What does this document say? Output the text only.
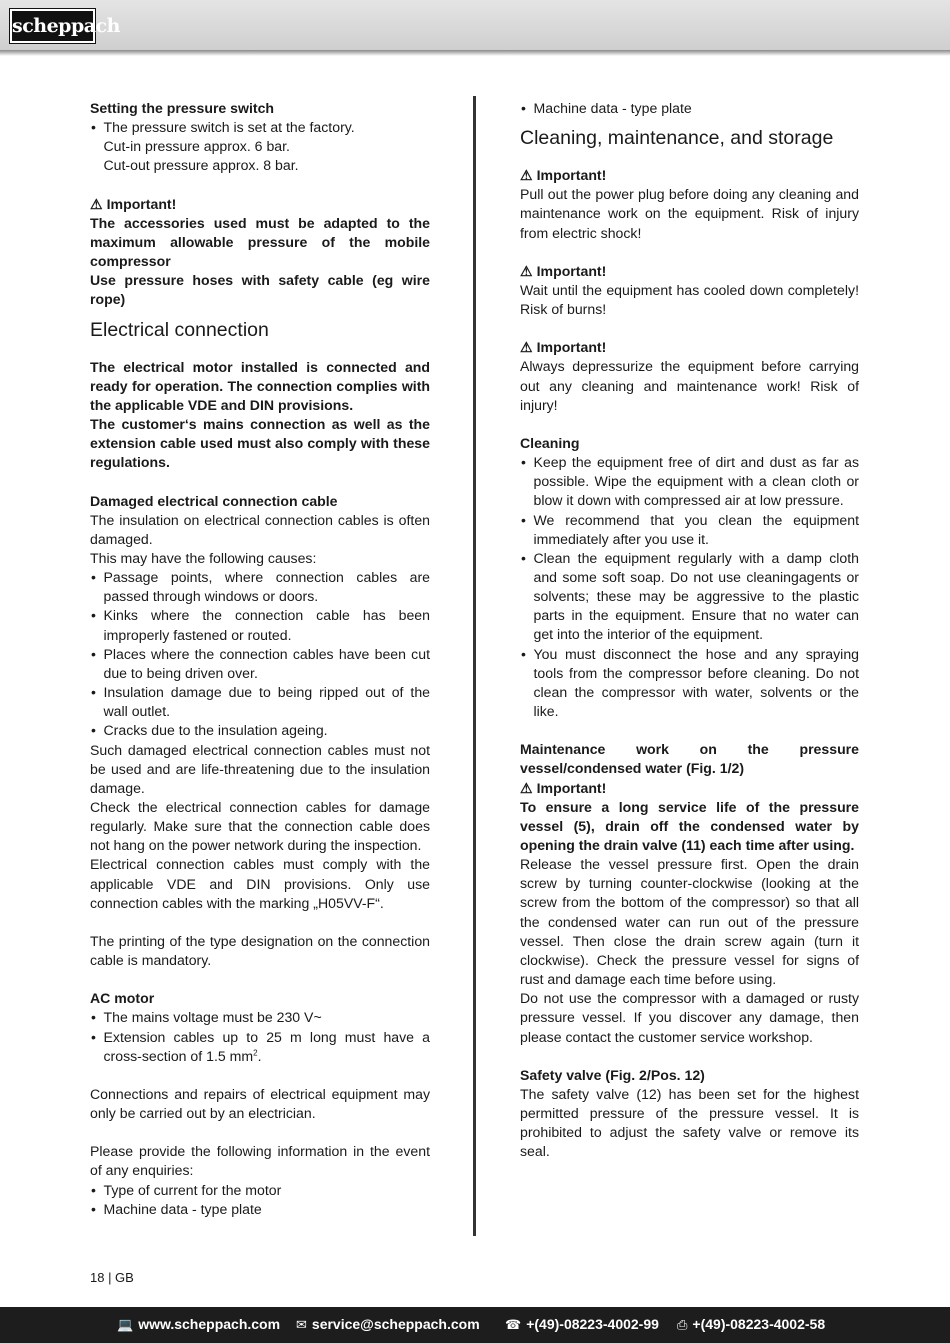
scheppach

Setting the pressure switch

• The pressure switch is set at the factory.

Cut-in pressure approx. 6 bar.

Cut-out pressure approx. 8 bar.

⚠ Important!

The accessories used must be adapted to the maximum allowable pressure of the mobile compressor

Use pressure hoses with safety cable (eg wire rope)

Electrical connection

The electrical motor installed is connected and ready for operation. The connection complies with the applicable VDE and DIN provisions.

The customer‘s mains connection as well as the extension cable used must also comply with these regulations.

Damaged electrical connection cable

The insulation on electrical connection cables is often damaged.

This may have the following causes:

• Passage points, where connection cables are passed through windows or doors.
• Kinks where the connection cable has been improperly fastened or routed.
• Places where the connection cables have been cut due to being driven over.
• Insulation damage due to being ripped out of the wall outlet.
• Cracks due to the insulation ageing.

Such damaged electrical connection cables must not be used and are life-threatening due to the insulation damage.

Check the electrical connection cables for damage regularly. Make sure that the connection cable does not hang on the power network during the inspection.

Electrical connection cables must comply with the applicable VDE and DIN provisions. Only use connection cables with the marking „H05VV-F“.

The printing of the type designation on the connection cable is mandatory.

AC motor

• The mains voltage must be 230 V~
• Extension cables up to 25 m long must have a cross-section of 1.5 $mm^2$.

Connections and repairs of electrical equipment may only be carried out by an electrician.

Please provide the following information in the event of any enquiries:

• Type of current for the motor
• Machine data - type plate
• Machine data - type plate

Cleaning, maintenance, and storage

⚠ Important!

Pull out the power plug before doing any cleaning and maintenance work on the equipment. Risk of injury from electric shock!

⚠ Important!

Wait until the equipment has cooled down completely! Risk of burns!

⚠ Important!

Always depressurize the equipment before carrying out any cleaning and maintenance work! Risk of injury!

Cleaning

• Keep the equipment free of dirt and dust as far as possible. Wipe the equipment with a clean cloth or blow it down with compressed air at low pressure.
• We recommend that you clean the equipment immediately after you use it.
• Clean the equipment regularly with a damp cloth and some soft soap. Do not use cleaningagents or solvents; these may be aggressive to the plastic parts in the equipment. Ensure that no water can get into the interior of the equipment.
• You must disconnect the hose and any spraying tools from the compressor before cleaning. Do not clean the compressor with water, solvents or the like.

Maintenance work on the pressure vessel/condensed water (Fig. 1/2)

⚠ Important!

To ensure a long service life of the pressure vessel (5), drain off the condensed water by opening the drain valve (11) each time after using.

Release the vessel pressure first. Open the drain screw by turning counter-clockwise (looking at the screw from the bottom of the compressor) so that all the condensed water can run out of the pressure vessel. Then close the drain screw again (turn it clockwise). Check the pressure vessel for signs of rust and damage each time before using.

Do not use the compressor with a damaged or rusty pressure vessel. If you discover any damage, then please contact the customer service workshop.

Safety valve (Fig. 2/Pos. 12)

The safety valve (12) has been set for the highest permitted pressure of the pressure vessel. It is prohibited to adjust the safety valve or remove its seal.

18 | GB
💻 www.scheppach.com ✉ service@scheppach.com ☎ +(49)-08223-4002-99 ⎙ +(49)-08223-4002-58
